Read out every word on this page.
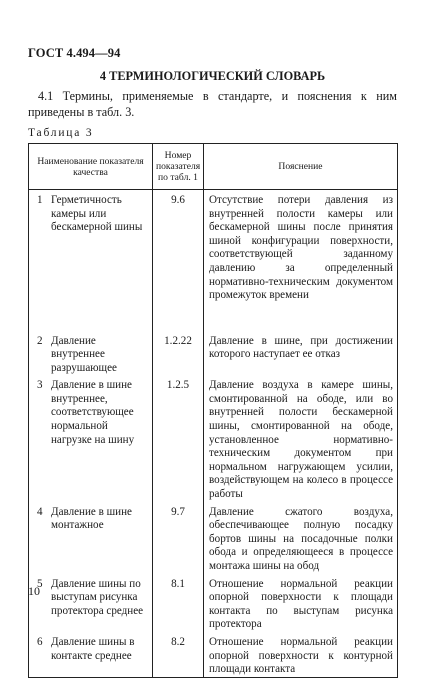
ГОСТ 4.494—94
4 ТЕРМИНОЛОГИЧЕСКИЙ СЛОВАРЬ
4.1 Термины, применяемые в стандарте, и пояснения к ним приведены в табл. 3.
Таблица 3
Наименование показателя качества	Номер показателя по табл. 1	Пояснение

1 Герметичность камеры или бескамерной шины	9.6	Отсутствие потери давления из внутренней полости камеры или бескамерной шины после принятия шиной конфигурации поверхности, соответствующей заданному давлению за определенный нормативно-техническим документом промежуток времени

2 Давление внутреннее разрушающее	1.2.22	Давление в шине, при достижении которого наступает ее отказ

3 Давление в шине внутреннее, соответствующее нормальной нагрузке на шину	1.2.5	Давление воздуха в камере шины, смонтированной на ободе, или во внутренней полости бескамерной шины, смонтированной на ободе, установленное нормативно-техническим документом при нормальном нагружающем усилии, воздействующем на колесо в процессе работы

4 Давление в шине монтажное	9.7	Давление сжатого воздуха, обеспечивающее полную посадку бортов шины на посадочные полки обода и определяющееся в процессе монтажа шины на обод

5 Давление шины по выступам рисунка протектора среднее	8.1	Отношение нормальной реакции опорной поверхности к площади контакта по выступам рисунка протектора

6 Давление шины в контакте среднее	8.2	Отношение нормальной реакции опорной поверхности к контурной площади контакта
10
